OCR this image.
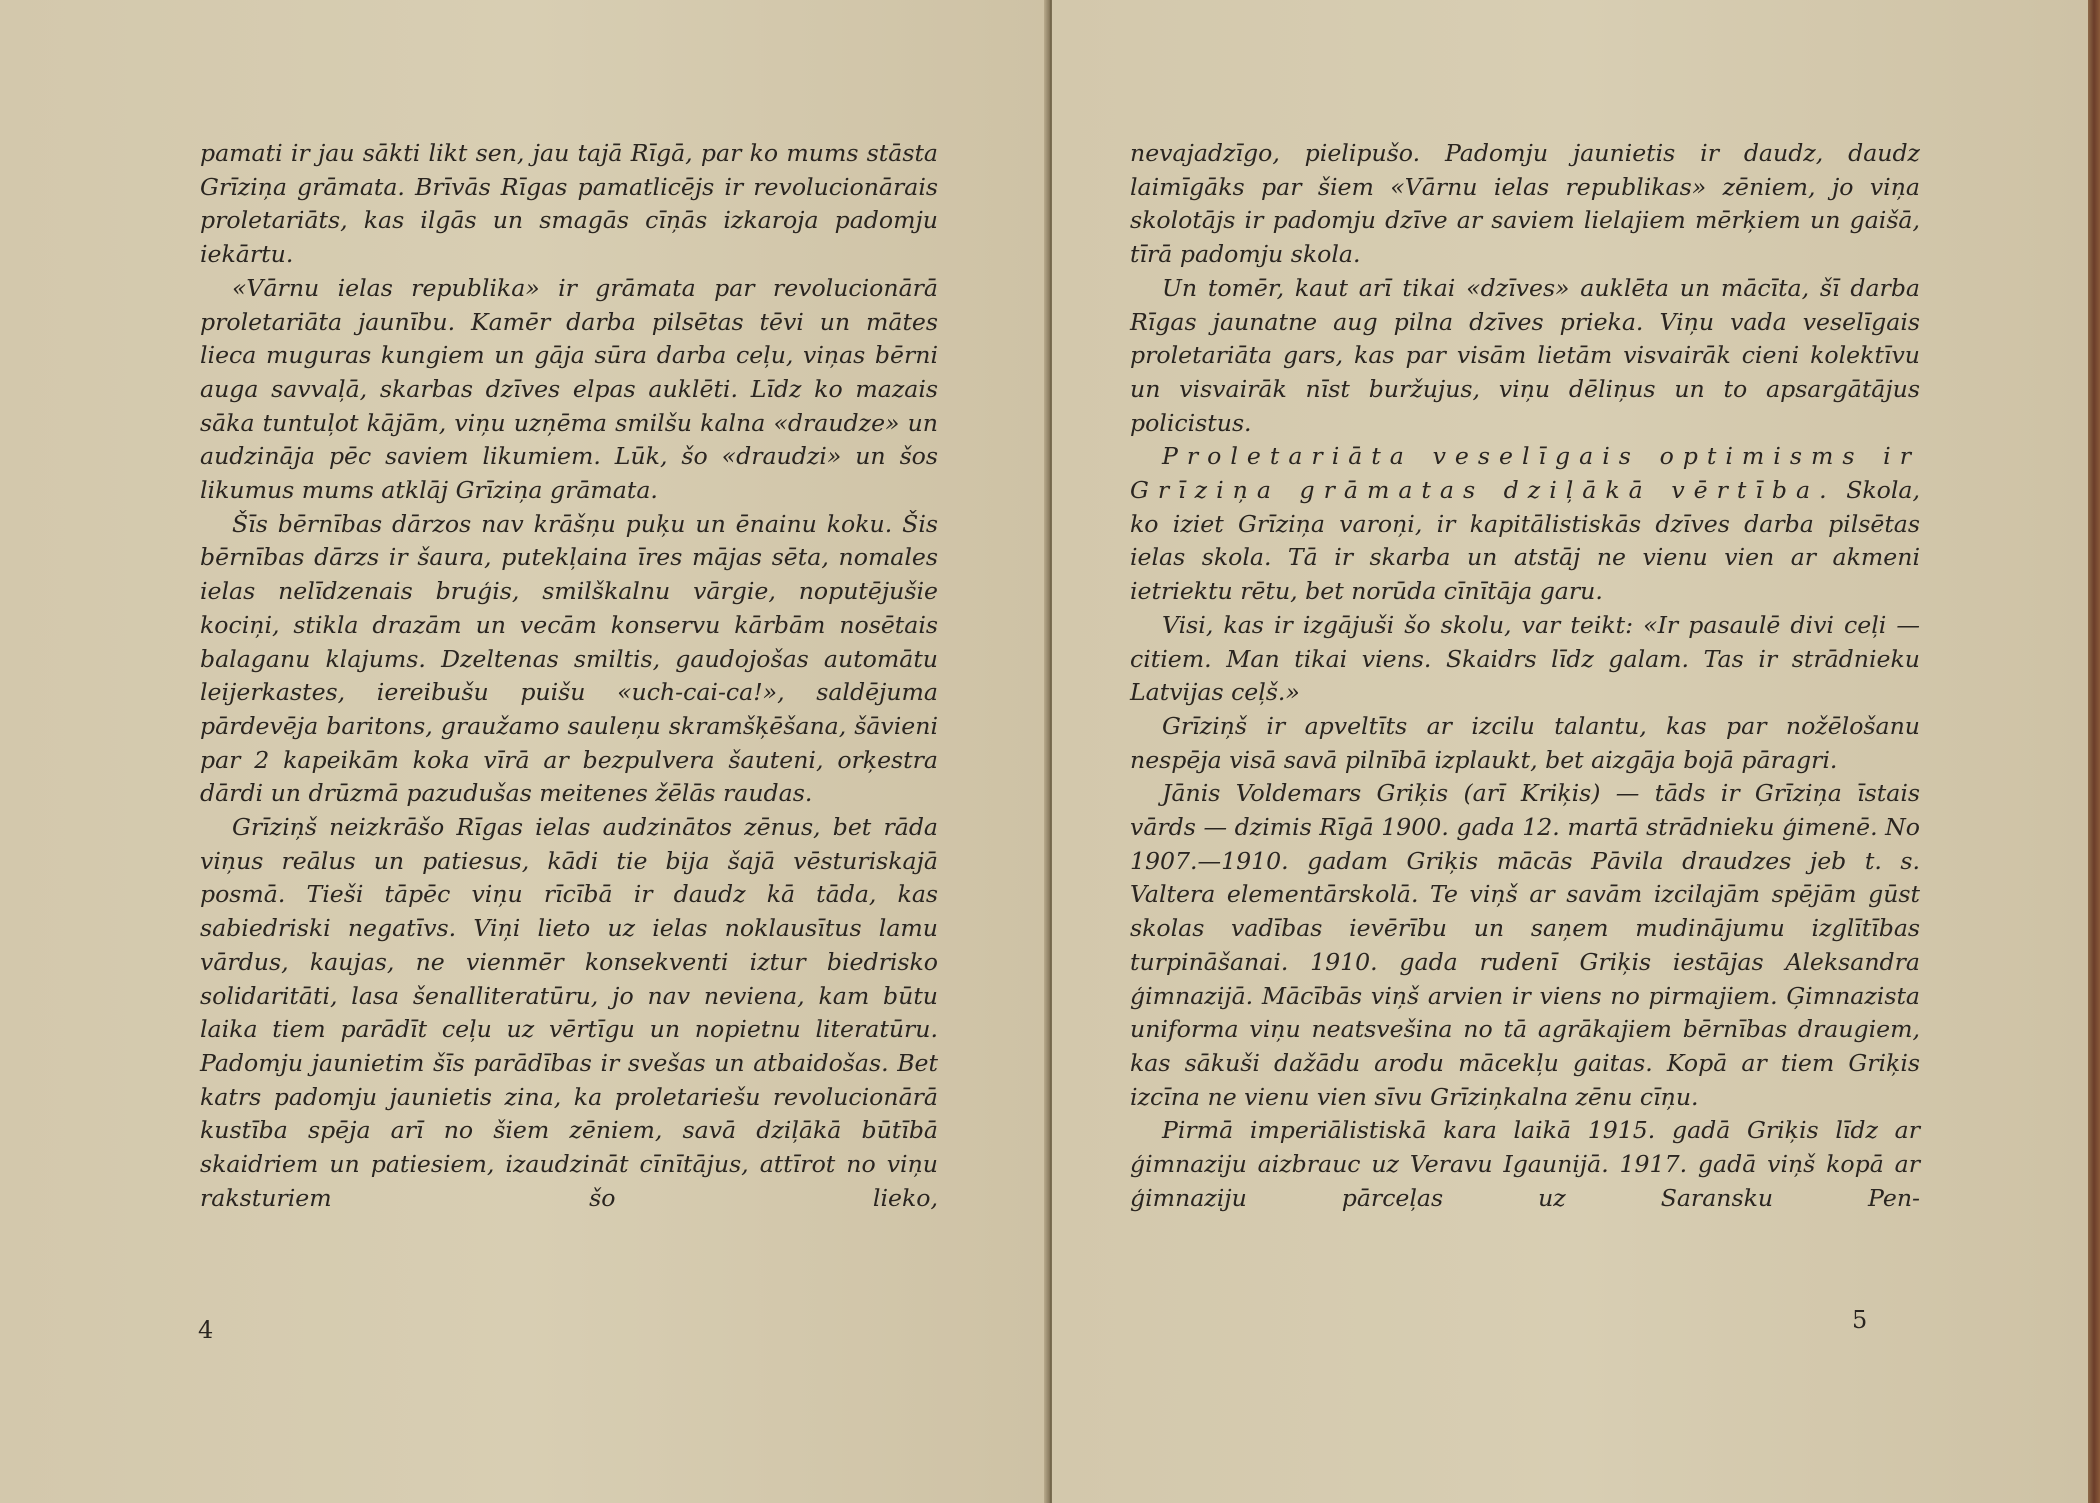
pamati ir jau sākti likt sen, jau tajā Rīgā, par ko mums stāsta Grīziņa grāmata. Brīvās Rīgas pamatlicējs ir revolucionārais proletariāts, kas ilgās un smagās cīņās izkaroja padomju iekārtu.

«Vārnu ielas republika» ir grāmata par revolucionārā proletariāta jaunību. Kamēr darba pilsētas tēvi un mātes lieca muguras kungiem un gāja sūra darba ceļu, viņas bērni auga savvaļā, skarbas dzīves elpas auklēti. Līdz ko mazais sāka tuntuļot kājām, viņu uzņēma smilšu kalna «draudze» un audzināja pēc saviem likumiem. Lūk, šo «draudzi» un šos likumus mums atklāj Grīziņa grāmata.

Šīs bērnības dārzos nav krāšņu puķu un ēnainu koku. Šis bērnības dārzs ir šaura, putekļaina īres mājas sēta, nomales ielas nelīdzenais bruģis, smilškalnu vārgie, noputējušie kociņi, stikla drazām un vecām konservu kārbām nosētais balaganu klajums. Dzeltenas smiltis, gaudojošas automātu leijerkastes, iereibušu puišu «uch-cai-ca!», saldējuma pārdevēja baritons, graužamo sauleņu skramšķēšana, šāvieni par 2 kapeikām koka vīrā ar bezpulvera šauteni, orķestra dārdi un drūzmā pazudušas meitenes žēlās raudas.

Grīziņš neizkrāšo Rīgas ielas audzinātos zēnus, bet rāda viņus reālus un patiesus, kādi tie bija šajā vēsturiskajā posmā. Tieši tāpēc viņu rīcībā ir daudz kā tāda, kas sabiedriski negatīvs. Viņi lieto uz ielas noklausītus lamu vārdus, kaujas, ne vienmēr konsekventi iztur biedrisko solidaritāti, lasa šenalliteratūru, jo nav neviena, kam būtu laika tiem parādīt ceļu uz vērtīgu un nopietnu literatūru. Padomju jaunietim šīs parādības ir svešas un atbaidošas. Bet katrs padomju jaunietis zina, ka proletariešu revolucionārā kustība spēja arī no šiem zēniem, savā dziļākā būtībā skaidriem un patiesiem, izaudzināt cīnītājus, attīrot no viņu raksturiem šo lieko,

4

nevajadzīgo, pielipušo. Padomju jaunietis ir daudz, daudz laimīgāks par šiem «Vārnu ielas republikas» zēniem, jo viņa skolotājs ir padomju dzīve ar saviem lielajiem mērķiem un gaišā, tīrā padomju skola.

Un tomēr, kaut arī tikai «dzīves» auklēta un mācīta, šī darba Rīgas jaunatne aug pilna dzīves prieka. Viņu vada veselīgais proletariāta gars, kas par visām lietām visvairāk cieni kolektīvu un visvairāk nīst buržujus, viņu dēliņus un to apsargātājus policistus.

Proletariāta veselīgais optimisms ir Grīziņa grāmatas dziļākā vērtība. Skola, ko iziet Grīziņa varoņi, ir kapitālistiskās dzīves darba pilsētas ielas skola. Tā ir skarba un atstāj ne vienu vien ar akmeni ietriektu rētu, bet norūda cīnītāja garu.

Visi, kas ir izgājuši šo skolu, var teikt: «Ir pasaulē divi ceļi — citiem. Man tikai viens. Skaidrs līdz galam. Tas ir strādnieku Latvijas ceļš.»

Grīziņš ir apveltīts ar izcilu talantu, kas par nožēlošanu nespēja visā savā pilnībā izplaukt, bet aizgāja bojā pāragri.

Jānis Voldemars Griķis (arī Kriķis) — tāds ir Grīziņa īstais vārds — dzimis Rīgā 1900. gada 12. martā strādnieku ģimenē. No 1907.—1910. gadam Griķis mācās Pāvila draudzes jeb t. s. Valtera elementārskolā. Te viņš ar savām izcilajām spējām gūst skolas vadības ievērību un saņem mudinājumu izglītības turpināšanai. 1910. gada rudenī Griķis iestājas Aleksandra ģimnazijā. Mācībās viņš arvien ir viens no pirmajiem. Ģimnazista uniforma viņu neatsvešina no tā agrākajiem bērnības draugiem, kas sākuši dažādu arodu mācekļu gaitas. Kopā ar tiem Griķis izcīna ne vienu vien sīvu Grīziņkalna zēnu cīņu.

Pirmā imperiālistiskā kara laikā 1915. gadā Griķis līdz ar ģimnaziju aizbrauc uz Veravu Igaunijā. 1917. gadā viņš kopā ar ģimnaziju pārceļas uz Saransku Pen-

5
